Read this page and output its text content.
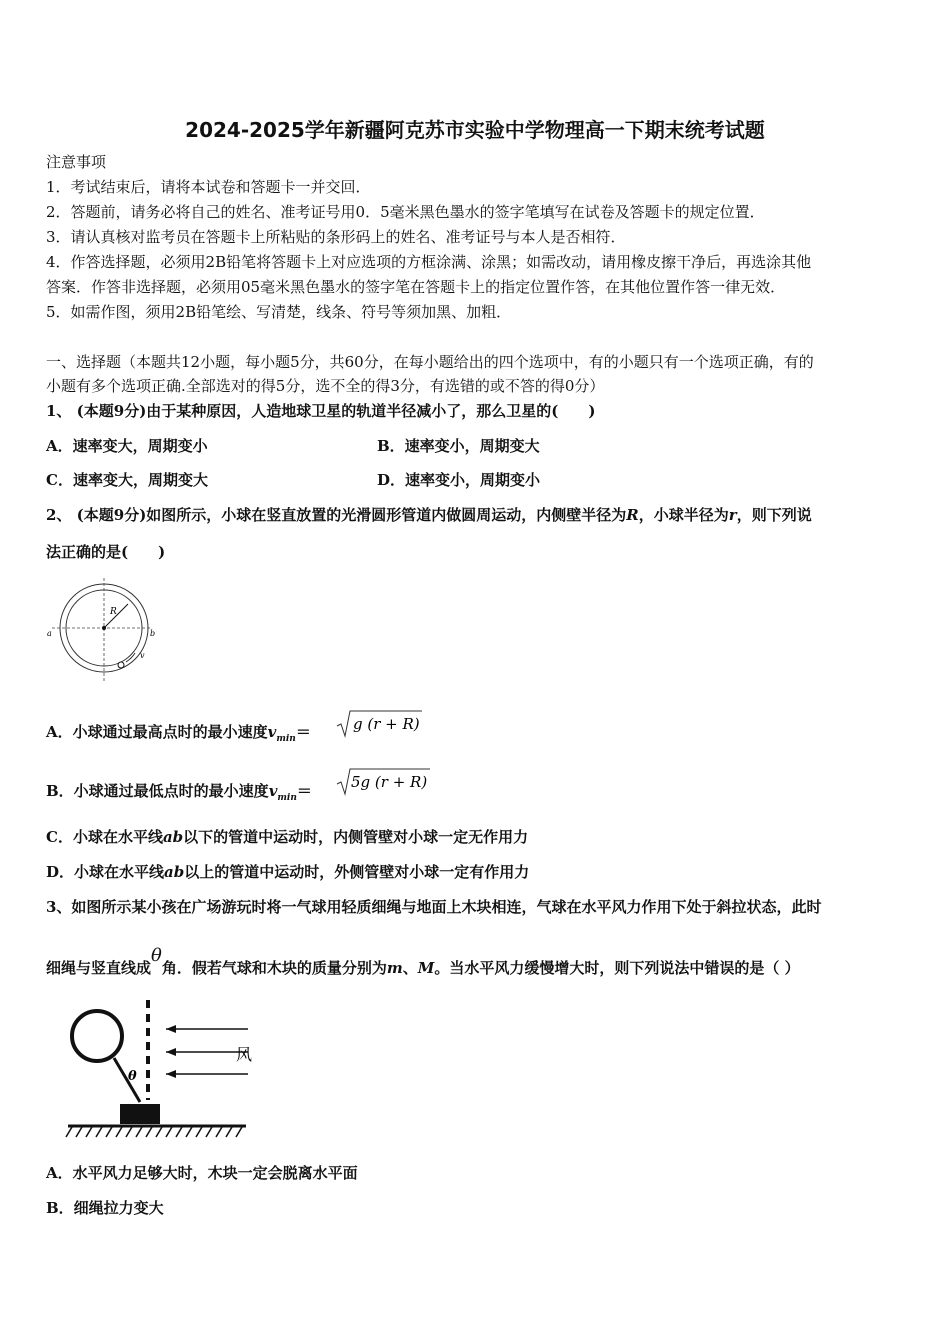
2024-2025学年新疆阿克苏市实验中学物理高一下期末统考试题
注意事项
1．考试结束后，请将本试卷和答题卡一并交回．
2．答题前，请务必将自己的姓名、准考证号用0．5毫米黑色墨水的签字笔填写在试卷及答题卡的规定位置．
3．请认真核对监考员在答题卡上所粘贴的条形码上的姓名、准考证号与本人是否相符．
4．作答选择题，必须用2B铅笔将答题卡上对应选项的方框涂满、涂黑；如需改动，请用橡皮擦干净后，再选涂其他
答案．作答非选择题，必须用05毫米黑色墨水的签字笔在答题卡上的指定位置作答，在其他位置作答一律无效．
5．如需作图，须用2B铅笔绘、写清楚，线条、符号等须加黑、加粗．
一、选择题（本题共12小题，每小题5分，共60分，在每小题给出的四个选项中，有的小题只有一个选项正确，有的
小题有多个选项正确.全部选对的得5分，选不全的得3分，有选错的或不答的得0分）
1、 (本题9分)由于某种原因，人造地球卫星的轨道半径减小了，那么卫星的(　　)
A．速率变大，周期变小	B．速率变小，周期变大
C．速率变大，周期变大	D．速率变小，周期变小
2、 (本题9分)如图所示，小球在竖直放置的光滑圆形管道内做圆周运动，内侧壁半径为R，小球半径为r，则下列说
法正确的是(　　)
R
a	b
v
A．小球通过最高点时的最小速度$v_{min}=$	g (r + R)
B．小球通过最低点时的最小速度$v_{min}=$	5g (r + R)
C．小球在水平线ab以下的管道中运动时，内侧管壁对小球一定无作用力
D．小球在水平线ab以上的管道中运动时，外侧管壁对小球一定有作用力
3、如图所示某小孩在广场游玩时将一气球用轻质细绳与地面上木块相连，气球在水平风力作用下处于斜拉状态，此时
细绳与竖直线成θ角．假若气球和木块的质量分别为m、M。当水平风力缓慢增大时，则下列说法中错误的是（ ）
风
θ
A．水平风力足够大时，木块一定会脱离水平面
B．细绳拉力变大
